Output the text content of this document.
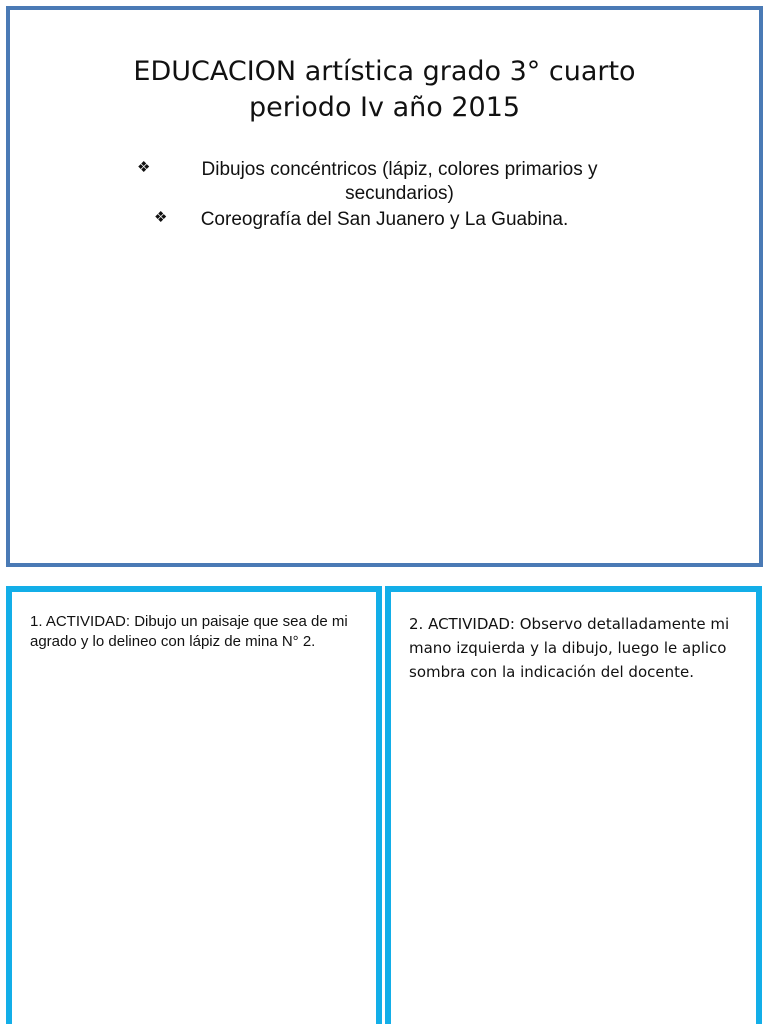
EDUCACION artística grado 3° cuarto
periodo Iv año 2015
❖	Dibujos concéntricos (lápiz, colores primarios y secundarios)
❖ Coreografía del San Juanero y La Guabina.
1. ACTIVIDAD: Dibujo un paisaje que sea de mi agrado y lo delineo con lápiz de mina N° 2.
2. ACTIVIDAD: Observo detalladamente mi mano izquierda y la dibujo, luego le aplico sombra con la indicación del docente.
